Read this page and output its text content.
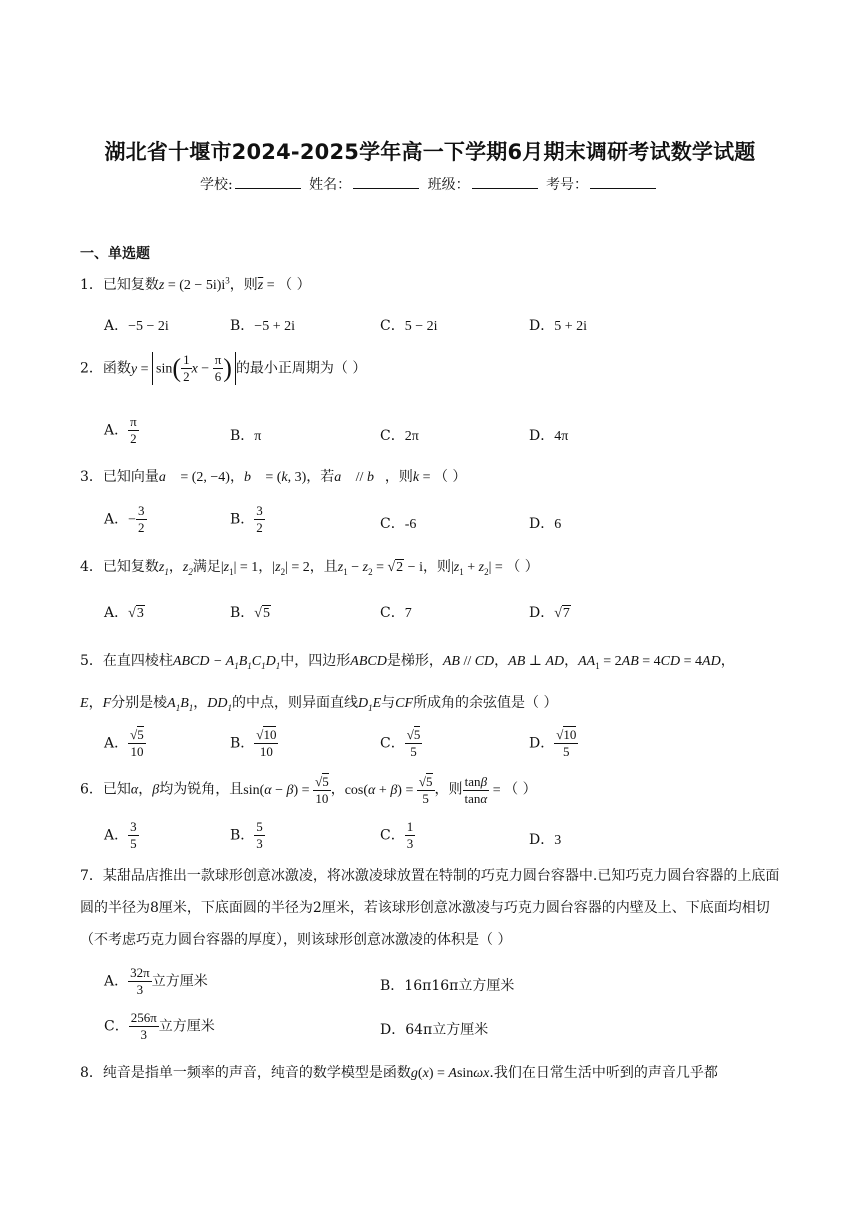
湖北省十堰市2024-2025学年高一下学期6月期末调研考试数学试题
学校:	姓名：	班级：	考号：
一、单选题
1．已知复数$z = (2 - 5i)i^3$，则$\overline{z}$ = （ ）
A．−5 − 2i	B．−5 + 2i	C．5 − 2i	D．5 + 2i
2．函数$y = \sin( \frac{1}{2}$ $x - \frac{\pi}{6}$ ) 的最小正周期为（ ）
A． $\frac{\pi}{2}$	B．π	C．2π	D．4π
3．已知向量a⃗ = (2, −4)，b⃗ = (k, 3)，若a⃗ // b⃗，则k = （ ）
A．− $\frac{3}{2}$	B． $\frac{3}{2}$	C．-6	D．6
4．已知复数$z_1$，$z_2$满足$|z_1| = 1$，$|z_2| = 2$，且$z_1 - z_2 = √2 - i$，则$|z_1 + z_2|$ = （ ）
A．√3	B．√5	C．7	D．√7
5．在直四棱柱ABCD − $A_1B_1C_1D_1$中，四边形ABCD是梯形，AB // CD，AB ⊥ AD，$AA_1 = 2AB = 4CD = 4AD$，
E，F分别是棱$A_1B_1$，$DD_1$的中点，则异面直线$D_1E$与CF所成角的余弦值是（ ）
A． $\frac{√5}{10}$	B． $\frac{√10}{10}$	C． $\frac{√5}{5}$	D． $\frac{√10}{5}$
6．已知α，β均为锐角，且$\sin(\alpha - \beta) = \frac{√5}{10}$ ，$\cos(\alpha + \beta) = \frac{√5}{5}$ ，则 $\frac{\tan\beta}{\tan\alpha}$ = （ ）
A． $\frac{3}{5}$	B． $\frac{5}{3}$	C． $\frac{1}{3}$	D．3
7．某甜品店推出一款球形创意冰激凌，将冰激凌球放置在特制的巧克力圆台容器中.已知巧克力圆台容器的上底面圆的半径为8厘米，下底面圆的半径为2厘米，若该球形创意冰激凌与巧克力圆台容器的内壁及上、下底面均相切（不考虑巧克力圆台容器的厚度），则该球形创意冰激凌的体积是（ ）
A． $\frac{32\pi}{3}$ 立方厘米	B．16π16π立方厘米
C． $\frac{256\pi}{3}$ 立方厘米	D．64π立方厘米
8．纯音是指单一频率的声音，纯音的数学模型是函数g(x) = Asinωx.我们在日常生活中听到的声音几乎都
